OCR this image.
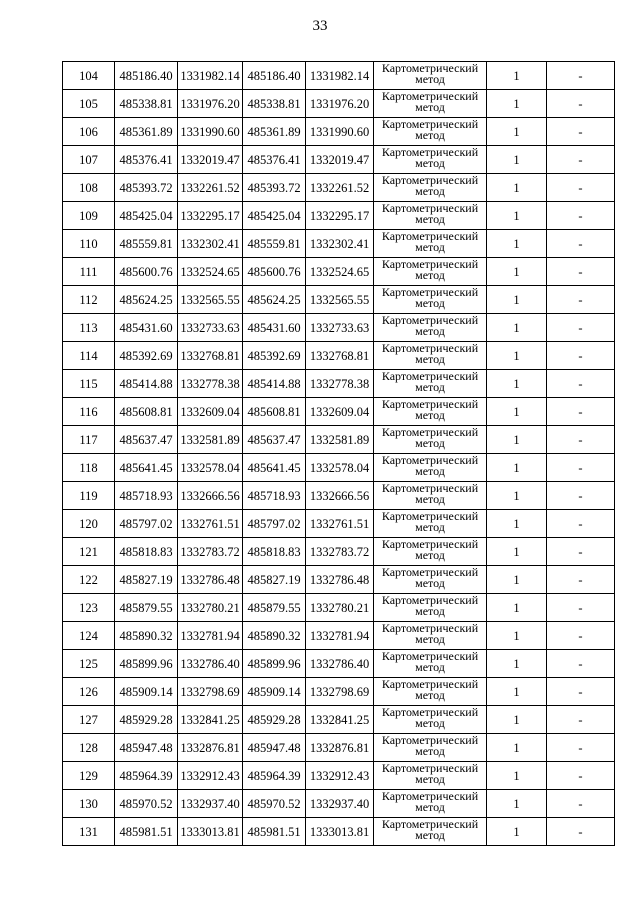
33
104	485186.40	1331982.14	485186.40	1331982.14	Картометрический
метод	1	-
105	485338.81	1331976.20	485338.81	1331976.20	Картометрический
метод	1	-
106	485361.89	1331990.60	485361.89	1331990.60	Картометрический
метод	1	-
107	485376.41	1332019.47	485376.41	1332019.47	Картометрический
метод	1	-
108	485393.72	1332261.52	485393.72	1332261.52	Картометрический
метод	1	-
109	485425.04	1332295.17	485425.04	1332295.17	Картометрический
метод	1	-
110	485559.81	1332302.41	485559.81	1332302.41	Картометрический
метод	1	-
111	485600.76	1332524.65	485600.76	1332524.65	Картометрический
метод	1	-
112	485624.25	1332565.55	485624.25	1332565.55	Картометрический
метод	1	-
113	485431.60	1332733.63	485431.60	1332733.63	Картометрический
метод	1	-
114	485392.69	1332768.81	485392.69	1332768.81	Картометрический
метод	1	-
115	485414.88	1332778.38	485414.88	1332778.38	Картометрический
метод	1	-
116	485608.81	1332609.04	485608.81	1332609.04	Картометрический
метод	1	-
117	485637.47	1332581.89	485637.47	1332581.89	Картометрический
метод	1	-
118	485641.45	1332578.04	485641.45	1332578.04	Картометрический
метод	1	-
119	485718.93	1332666.56	485718.93	1332666.56	Картометрический
метод	1	-
120	485797.02	1332761.51	485797.02	1332761.51	Картометрический
метод	1	-
121	485818.83	1332783.72	485818.83	1332783.72	Картометрический
метод	1	-
122	485827.19	1332786.48	485827.19	1332786.48	Картометрический
метод	1	-
123	485879.55	1332780.21	485879.55	1332780.21	Картометрический
метод	1	-
124	485890.32	1332781.94	485890.32	1332781.94	Картометрический
метод	1	-
125	485899.96	1332786.40	485899.96	1332786.40	Картометрический
метод	1	-
126	485909.14	1332798.69	485909.14	1332798.69	Картометрический
метод	1	-
127	485929.28	1332841.25	485929.28	1332841.25	Картометрический
метод	1	-
128	485947.48	1332876.81	485947.48	1332876.81	Картометрический
метод	1	-
129	485964.39	1332912.43	485964.39	1332912.43	Картометрический
метод	1	-
130	485970.52	1332937.40	485970.52	1332937.40	Картометрический
метод	1	-
131	485981.51	1333013.81	485981.51	1333013.81	Картометрический
метод	1	-
